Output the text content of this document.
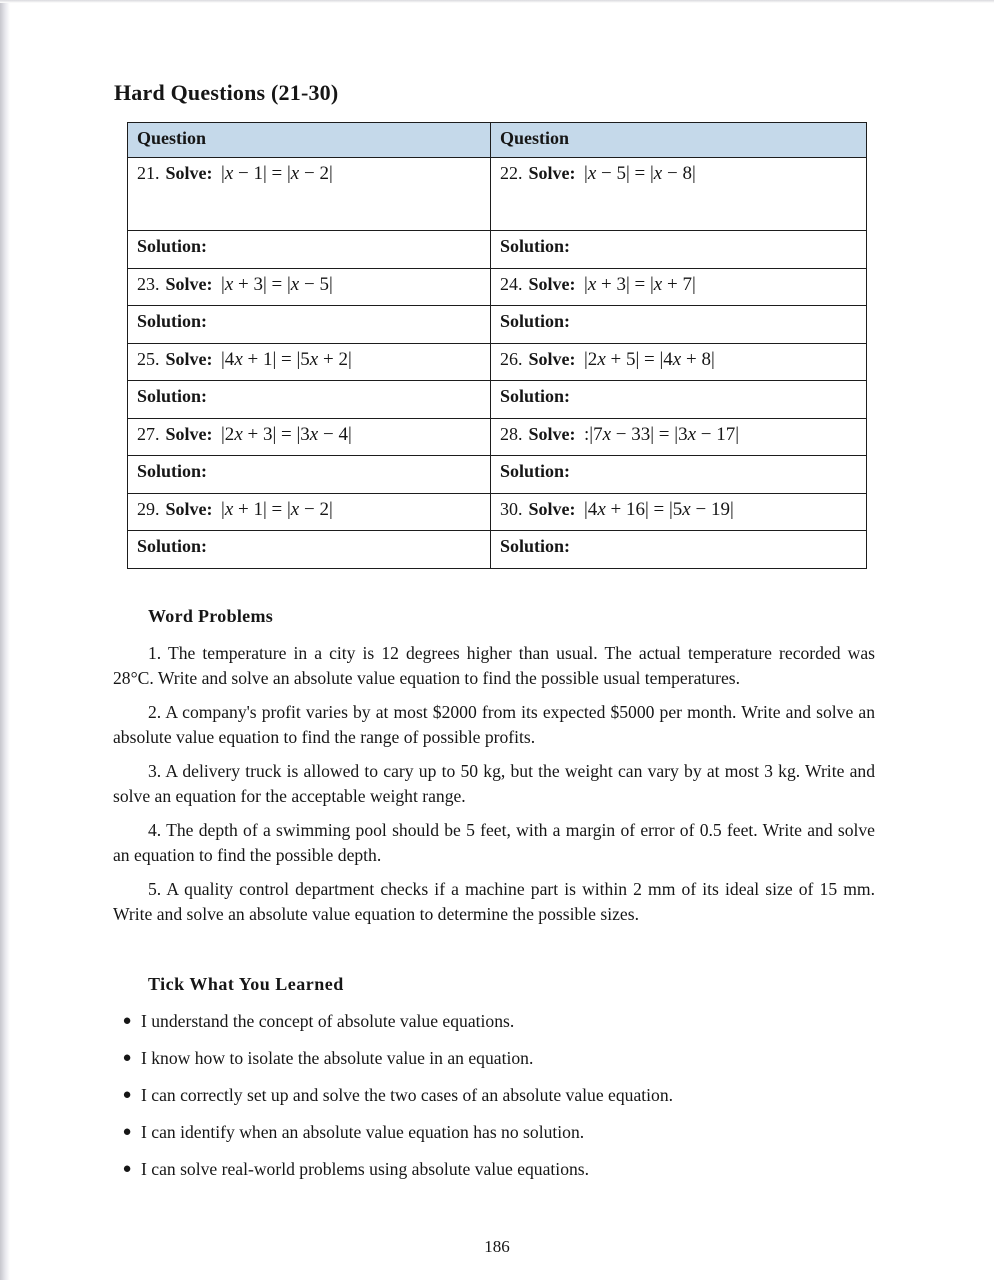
Hard Questions (21-30)
Question	Question
21. Solve: |x − 1| = |x − 2|	22. Solve: |x − 5| = |x − 8|
Solution:	Solution:
23. Solve: |x + 3| = |x − 5|	24. Solve: |x + 3| = |x + 7|
Solution:	Solution:
25. Solve: |4x + 1| = |5x + 2|	26. Solve: |2x + 5| = |4x + 8|
Solution:	Solution:
27. Solve: |2x + 3| = |3x − 4|	28. Solve: :|7x − 33| = |3x − 17|
Solution:	Solution:
29. Solve: |x + 1| = |x − 2|	30. Solve: |4x + 16| = |5x − 19|
Solution:	Solution:
Word Problems

1. The temperature in a city is 12 degrees higher than usual. The actual temperature recorded was 28°C. Write and solve an absolute value equation to find the possible usual temperatures.

2. A company's profit varies by at most $2000 from its expected $5000 per month. Write and solve an absolute value equation to find the range of possible profits.

3. A delivery truck is allowed to cary up to 50 kg, but the weight can vary by at most 3 kg. Write and solve an equation for the acceptable weight range.

4. The depth of a swimming pool should be 5 feet, with a margin of error of 0.5 feet. Write and solve an equation to find the possible depth.

5. A quality control department checks if a machine part is within 2 mm of its ideal size of 15 mm. Write and solve an absolute value equation to determine the possible sizes.

Tick What You Learned
● I understand the concept of absolute value equations.
● I know how to isolate the absolute value in an equation.
● I can correctly set up and solve the two cases of an absolute value equation.
● I can identify when an absolute value equation has no solution.
● I can solve real-world problems using absolute value equations.
186
